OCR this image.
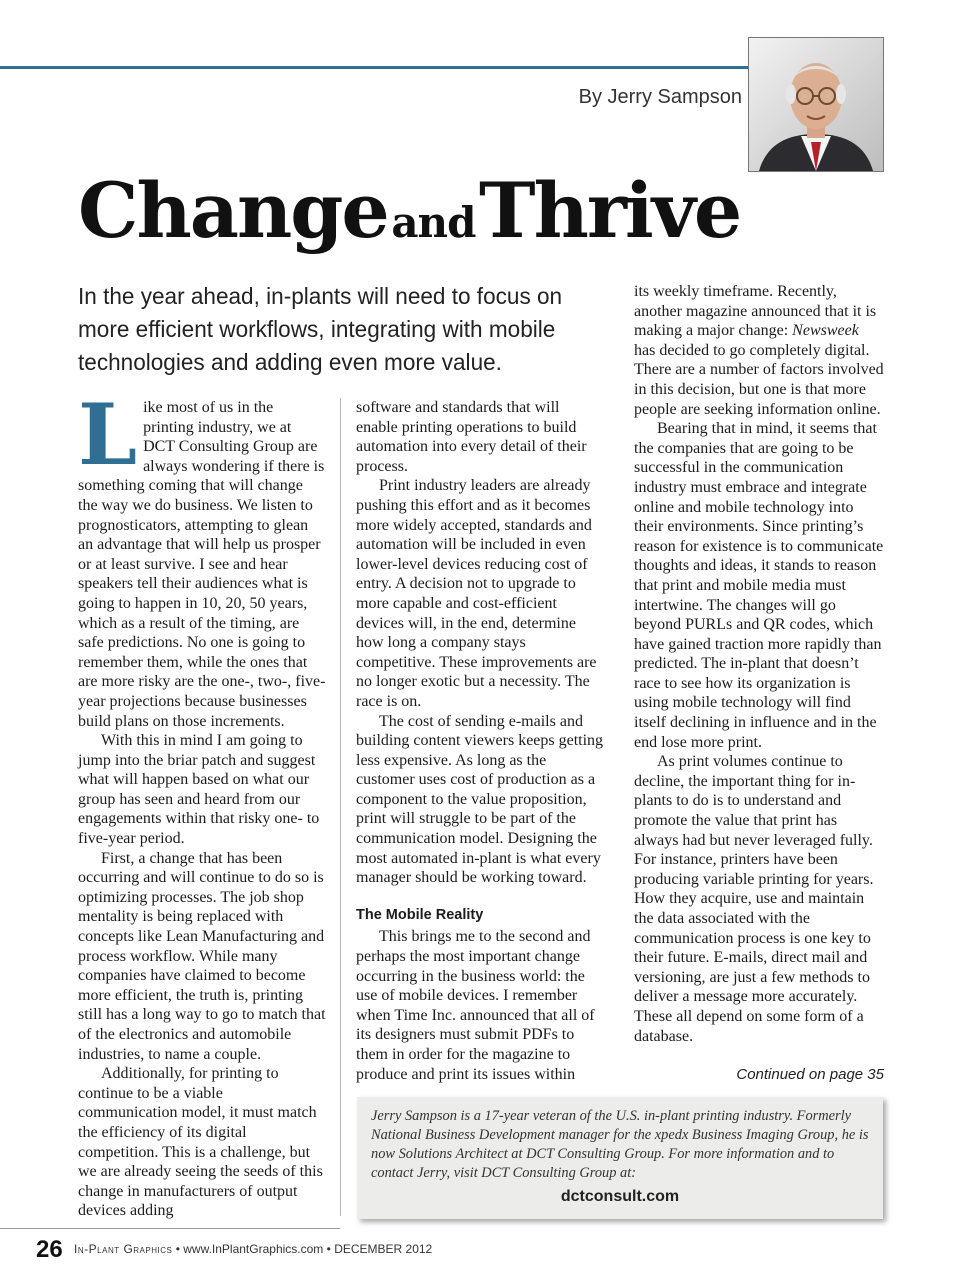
By Jerry Sampson
Change and Thrive
In the year ahead, in-plants will need to focus on more efficient workflows, integrating with mobile technologies and adding even more value.
L ike most of us in the printing industry, we at DCT Consulting Group are always wondering if there is something coming that will change the way we do business. We listen to prognosticators, attempting to glean an advantage that will help us prosper or at least survive. I see and hear speakers tell their audiences what is going to happen in 10, 20, 50 years, which as a result of the timing, are safe predictions. No one is going to remember them, while the ones that are more risky are the one-, two-, five-year projections because businesses build plans on those increments.

With this in mind I am going to jump into the briar patch and suggest what will happen based on what our group has seen and heard from our engagements within that risky one- to five-year period.

First, a change that has been occurring and will continue to do so is optimizing processes. The job shop mentality is being replaced with concepts like Lean Manufacturing and process workflow. While many companies have claimed to become more efficient, the truth is, printing still has a long way to go to match that of the electronics and automobile industries, to name a couple.

Additionally, for printing to continue to be a viable communication model, it must match the efficiency of its digital competition. This is a challenge, but we are already seeing the seeds of this change in manufacturers of output devices adding

software and standards that will enable printing operations to build automation into every detail of their process.

Print industry leaders are already pushing this effort and as it becomes more widely accepted, standards and automation will be included in even lower-level devices reducing cost of entry. A decision not to upgrade to more capable and cost-efficient devices will, in the end, determine how long a company stays competitive. These improvements are no longer exotic but a necessity. The race is on.

The cost of sending e-mails and building content viewers keeps getting less expensive. As long as the customer uses cost of production as a component to the value proposition, print will struggle to be part of the communication model. Designing the most automated in-plant is what every manager should be working toward.

The Mobile Reality

This brings me to the second and perhaps the most important change occurring in the business world: the use of mobile devices. I remember when Time Inc. announced that all of its designers must submit PDFs to them in order for the magazine to produce and print its issues within

its weekly timeframe. Recently, another magazine announced that it is making a major change: Newsweek has decided to go completely digital. There are a number of factors involved in this decision, but one is that more people are seeking information online.

Bearing that in mind, it seems that the companies that are going to be successful in the communication industry must embrace and integrate online and mobile technology into their environments. Since printing’s reason for existence is to communicate thoughts and ideas, it stands to reason that print and mobile media must intertwine. The changes will go beyond PURLs and QR codes, which have gained traction more rapidly than predicted. The in-plant that doesn’t race to see how its organization is using mobile technology will find itself declining in influence and in the end lose more print.

As print volumes continue to decline, the important thing for in-plants to do is to understand and promote the value that print has always had but never leveraged fully. For instance, printers have been producing variable printing for years. How they acquire, use and maintain the data associated with the communication process is one key to their future. E-mails, direct mail and versioning, are just a few methods to deliver a message more accurately. These all depend on some form of a database.

Continued on page 35
Jerry Sampson is a 17-year veteran of the U.S. in-plant printing industry. Formerly National Business Development manager for the xpedx Business Imaging Group, he is now Solutions Architect at DCT Consulting Group. For more information and to contact Jerry, visit DCT Consulting Group at:
dctconsult.com
26 In-Plant Graphics • www.InPlantGraphics.com • DECEMBER 2012
